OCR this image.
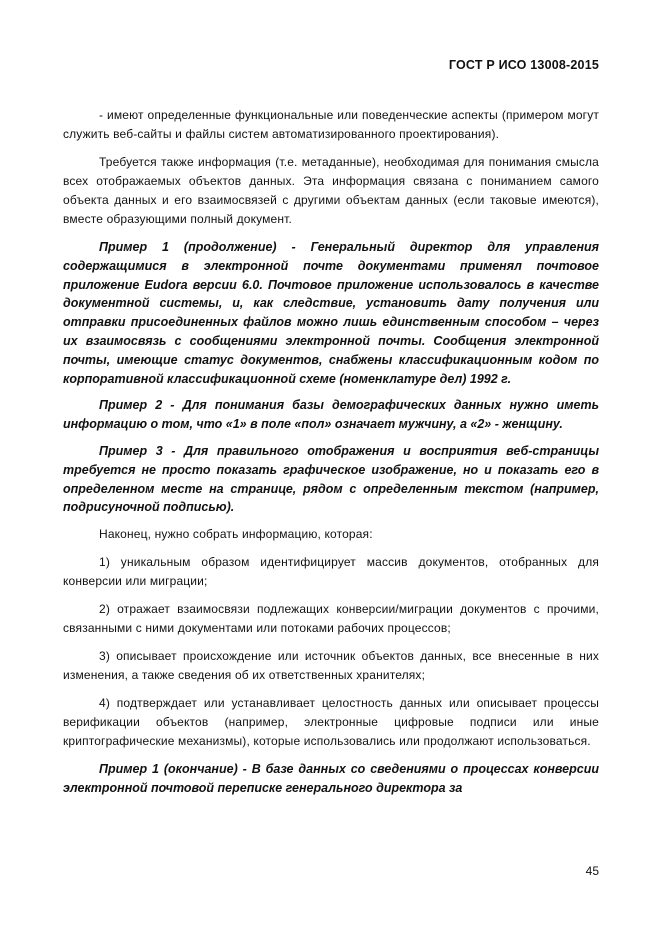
ГОСТ Р ИСО 13008-2015

- имеют определенные функциональные или поведенческие аспекты (примером могут служить веб-сайты и файлы систем автоматизированного проектирования).

Требуется также информация (т.е. метаданные), необходимая для понимания смысла всех отображаемых объектов данных. Эта информация связана с пониманием самого объекта данных и его взаимосвязей с другими объектам данных (если таковые имеются), вместе образующими полный документ.

Пример 1 (продолжение) - Генеральный директор для управления содержащимися в электронной почте документами применял почтовое приложение Eudora версии 6.0. Почтовое приложение использовалось в качестве документной системы, и, как следствие, установить дату получения или отправки присоединенных файлов можно лишь единственным способом – через их взаимосвязь с сообщениями электронной почты. Сообщения электронной почты, имеющие статус документов, снабжены классификационным кодом по корпоративной классификационной схеме (номенклатуре дел) 1992 г.

Пример 2 - Для понимания базы демографических данных нужно иметь информацию о том, что «1» в поле «пол» означает мужчину, а «2» - женщину.

Пример 3 - Для правильного отображения и восприятия веб-страницы требуется не просто показать графическое изображение, но и показать его в определенном месте на странице, рядом с определенным текстом (например, подрисуночной подписью).

Наконец, нужно собрать информацию, которая:

1) уникальным образом идентифицирует массив документов, отобранных для конверсии или миграции;

2) отражает взаимосвязи подлежащих конверсии/миграции документов с прочими, связанными с ними документами или потоками рабочих процессов;

3) описывает происхождение или источник объектов данных, все внесенные в них изменения, а также сведения об их ответственных хранителях;

4) подтверждает или устанавливает целостность данных или описывает процессы верификации объектов (например, электронные цифровые подписи или иные криптографические механизмы), которые использовались или продолжают использоваться.

Пример 1 (окончание) - В базе данных со сведениями о процессах конверсии электронной почтовой переписке генерального директора за

45
